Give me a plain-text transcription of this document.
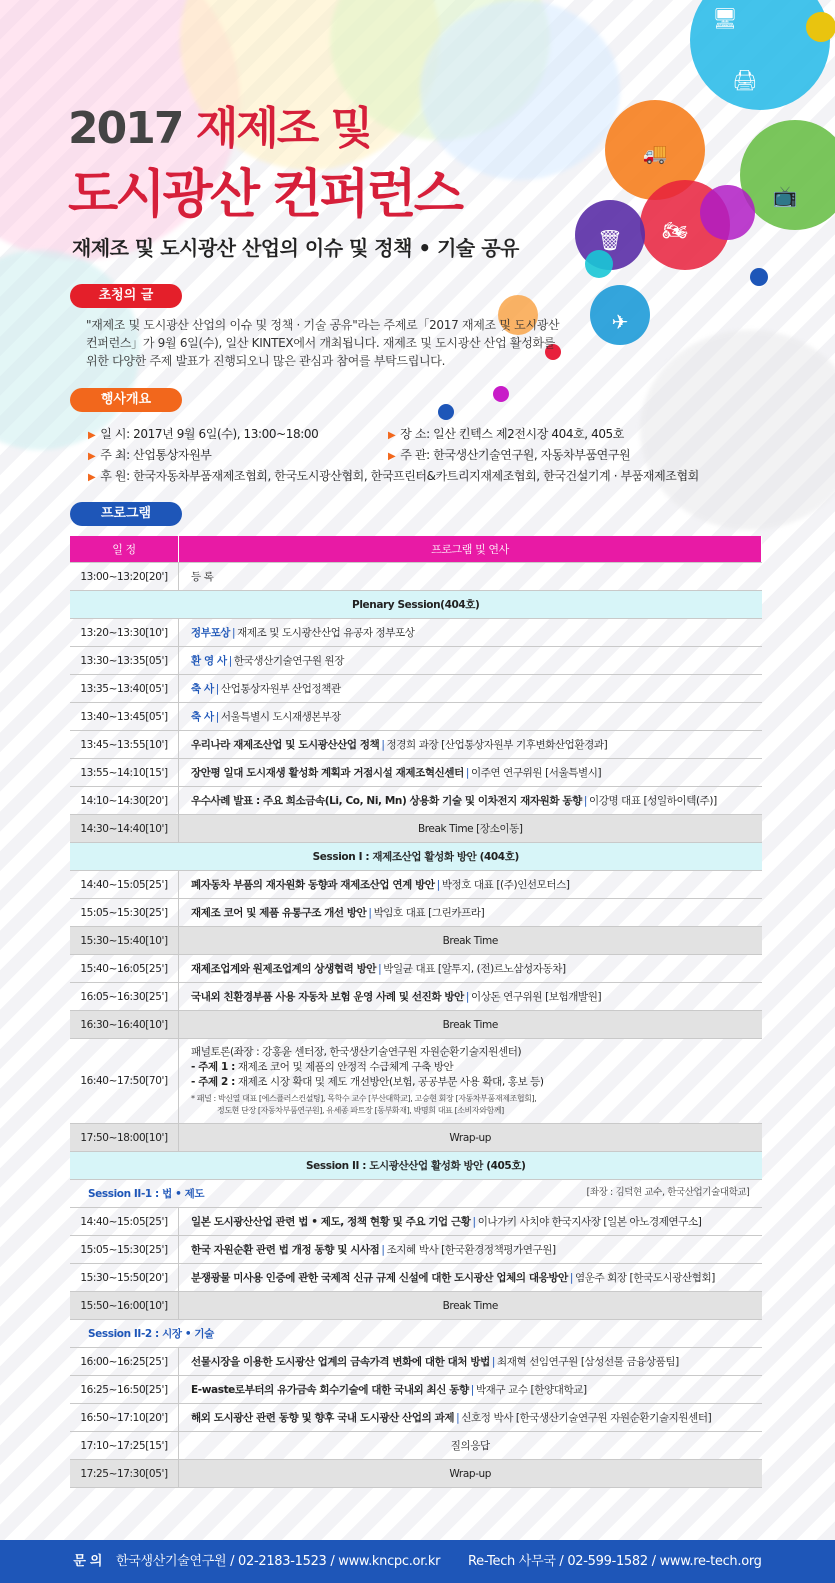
🖥
🖨
🚚
📺
🗑	🏍
✈
2017 재제조 및
도시광산 컨퍼런스
재제조 및 도시광산 산업의 이슈 및 정책 • 기술 공유
초청의 글
"재제조 및 도시광산 산업의 이슈 및 정책 · 기술 공유"라는 주제로「2017 재제조 및 도시광산
컨퍼런스」가 9월 6일(수), 일산 KINTEX에서 개최됩니다. 재제조 및 도시광산 산업 활성화를
위한 다양한 주제 발표가 진행되오니 많은 관심과 참여를 부탁드립니다.
행사개요
▶ 일 시: 2017년 9월 6일(수), 13:00~18:00	▶ 장 소: 일산 킨텍스 제2전시장 404호, 405호
▶ 주 최: 산업통상자원부	▶ 주 관: 한국생산기술연구원, 자동차부품연구원
▶ 후 원: 한국자동차부품재제조협회, 한국도시광산협회, 한국프린터&카트리지재제조협회, 한국건설기계 · 부품재제조협회
프로그램
일 정	프로그램 및 연사
13:00~13:20[20']	등 록
Plenary Session(404호)	
13:20~13:30[10']	정부포상 | 재제조 및 도시광산산업 유공자 정부포상
13:30~13:35[05']	환 영 사 | 한국생산기술연구원 원장
13:35~13:40[05']	축 사 | 산업통상자원부 산업정책관
13:40~13:45[05']	축 사 | 서울특별시 도시재생본부장
13:45~13:55[10']	우리나라 재제조산업 및 도시광산산업 정책 | 정경희 과장 [산업통상자원부 기후변화산업환경과]
13:55~14:10[15']	장안평 일대 도시재생 활성화 계획과 거점시설 재제조혁신센터 | 이주연 연구위원 [서울특별시]
14:10~14:30[20']	우수사례 발표 : 주요 희소금속(Li, Co, Ni, Mn) 상용화 기술 및 이차전지 재자원화 동향 | 이강명 대표 [성일하이텍(주)]
14:30~14:40[10']	Break Time [장소이동]
Session I : 재제조산업 활성화 방안 (404호)	
14:40~15:05[25']	폐자동차 부품의 재자원화 동향과 재제조산업 연계 방안 | 박정호 대표 [(주)인선모터스]
15:05~15:30[25']	재제조 코어 및 제품 유통구조 개선 방안 | 박임호 대표 [그린카프라]
15:30~15:40[10']	Break Time
15:40~16:05[25']	재제조업계와 원제조업계의 상생협력 방안 | 박일균 대표 [알투지, (전)르노삼성자동차]
16:05~16:30[25']	국내외 친환경부품 사용 자동차 보험 운영 사례 및 선진화 방안 | 이상돈 연구위원 [보험개발원]
16:30~16:40[10']	Break Time
16:40~17:50[70']	패널토론(좌장 : 강홍윤 센터장, 한국생산기술연구원 자원순환기술지원센터)
- 주제 1 : 재제조 코어 및 제품의 안정적 수급체계 구축 방안
- 주제 2 : 재제조 시장 확대 및 제도 개선방안(보험, 공공부문 사용 확대, 홍보 등)
* 패널 : 박신열 대표 [에스플러스컨설팅], 목학수 교수 [부산대학교], 고승현 회장 [자동차부품재제조협회],
정도현 단장 [자동차부품연구원], 유세종 파트장 [동부화재], 박명희 대표 [소비자와함께]

17:50~18:00[10']	Wrap-up
Session II : 도시광산산업 활성화 방안 (405호)	
Session II-1 : 법 • 제도 [좌장 : 김덕현 교수, 한국산업기술대학교]	

14:40~15:05[25']	일본 도시광산산업 관련 법 • 제도, 정책 현황 및 주요 기업 근황 | 이나가키 사치야 한국지사장 [일본 아노경제연구소]
15:05~15:30[25']	한국 자원순환 관련 법 개정 동향 및 시사점 | 조지혜 박사 [한국환경정책평가연구원]
15:30~15:50[20']	분쟁광물 미사용 인증에 관한 국제적 신규 규제 신설에 대한 도시광산 업체의 대응방안 | 염운주 회장 [한국도시광산협회]
15:50~16:00[10']	Break Time
Session II-2 : 시장 • 기술	

16:00~16:25[25']	선물시장을 이용한 도시광산 업계의 금속가격 변화에 대한 대처 방법 | 최재혁 선임연구원 [삼성선물 금융상품팀]
16:25~16:50[25']	E-waste로부터의 유가금속 회수기술에 대한 국내외 최신 동향 | 박재구 교수 [한양대학교]
16:50~17:10[20']	해외 도시광산 관련 동향 및 향후 국내 도시광산 산업의 과제 | 신호정 박사 [한국생산기술연구원 자원순환기술지원센터]
17:10~17:25[15']	질의응답
17:25~17:30[05']	Wrap-up
문 의 한국생산기술연구원 / 02-2183-1523 / www.kncpc.or.kr Re-Tech 사무국 / 02-599-1582 / www.re-tech.org
